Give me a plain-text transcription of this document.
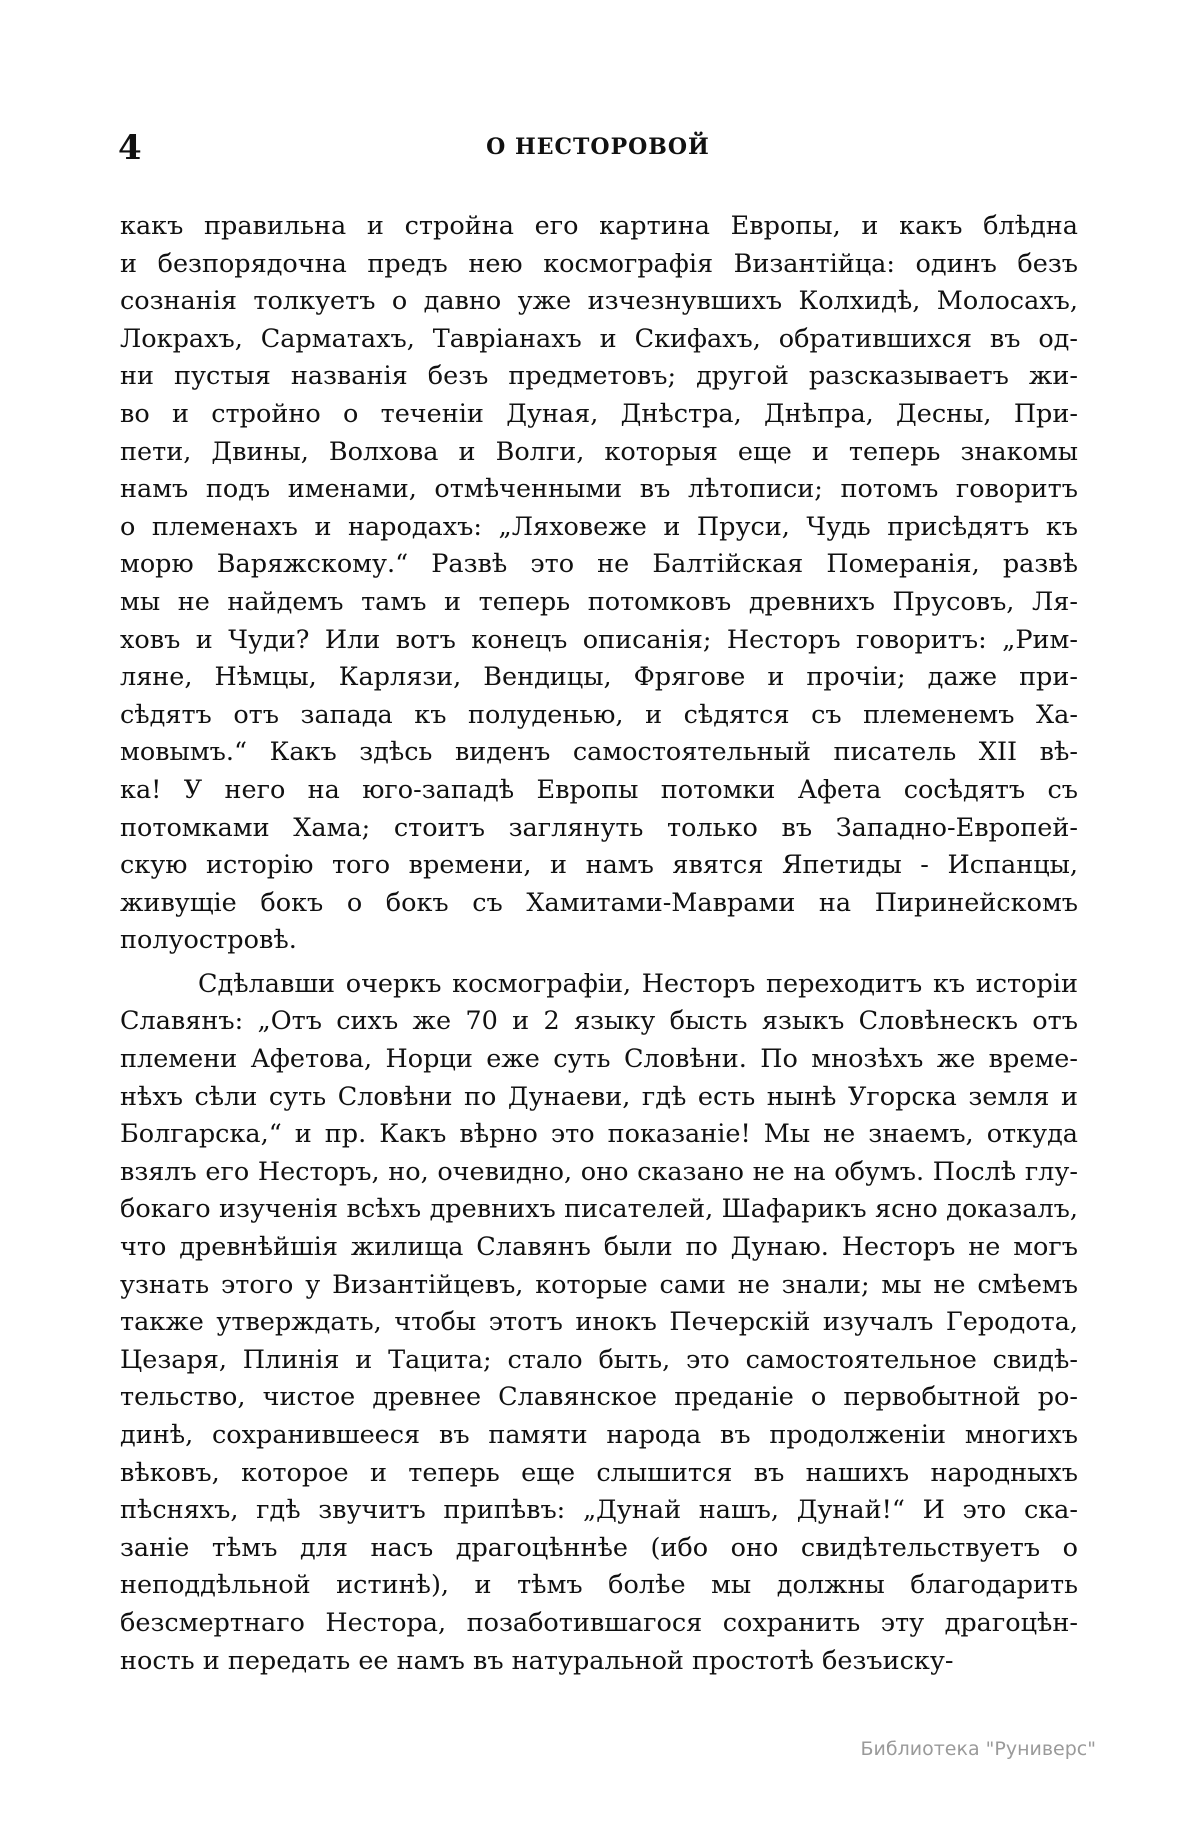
4	О НЕСТОРОВОЙ
какъ правильна и стройна его картина Европы, и какъ блѣдна
и безпорядочна предъ нею космографія Византійца: одинъ безъ
сознанія толкуетъ о давно уже изчезнувшихъ Колхидѣ, Молосахъ,
Локрахъ, Сарматахъ, Тавріанахъ и Скифахъ, обратившихся въ од-
ни пустыя названія безъ предметовъ; другой разсказываетъ жи-
во и стройно о теченіи Дуная, Днѣстра, Днѣпра, Десны, При-
пети, Двины, Волхова и Волги, которыя еще и теперь знакомы
намъ подъ именами, отмѣченными въ лѣтописи; потомъ говоритъ
о племенахъ и народахъ: „Ляховеже и Пруси, Чудь присѣдятъ къ
морю Варяжскому.“ Развѣ это не Балтійская Померанія, развѣ
мы не найдемъ тамъ и теперь потомковъ древнихъ Прусовъ, Ля-
ховъ и Чуди? Или вотъ конецъ описанія; Несторъ говоритъ: „Рим-
ляне, Нѣмцы, Карлязи, Вендицы, Фрягове и прочіи; даже при-
сѣдятъ отъ запада къ полуденью, и сѣдятся съ племенемъ Ха-
мовымъ.“ Какъ здѣсь виденъ самостоятельный писатель XII вѣ-
ка! У него на юго-западѣ Европы потомки Афета сосѣдятъ съ
потомками Хама; стоитъ заглянуть только въ Западно-Европей-
скую исторію того времени, и намъ явятся Япетиды - Испанцы,
живущіе бокъ о бокъ съ Хамитами-Маврами на Пиринейскомъ
полуостровѣ.
Сдѣлавши очеркъ космографіи, Несторъ переходитъ къ исторіи
Славянъ: „Отъ сихъ же 70 и 2 языку бысть языкъ Словѣнескъ отъ
племени Афетова, Норци еже суть Словѣни. По мнозѣхъ же време-
нѣхъ сѣли суть Словѣни по Дунаеви, гдѣ есть нынѣ Угорска земля и
Болгарска,“ и пр. Какъ вѣрно это показаніе! Мы не знаемъ, откуда
взялъ его Несторъ, но, очевидно, оно сказано не на обумъ. Послѣ глу-
бокаго изученія всѣхъ древнихъ писателей, Шафарикъ ясно доказалъ,
что древнѣйшія жилища Славянъ были по Дунаю. Несторъ не могъ
узнать этого у Византійцевъ, которые сами не знали; мы не смѣемъ
также утверждать, чтобы этотъ инокъ Печерскій изучалъ Геродота,
Цезаря, Плинія и Тацита; стало быть, это самостоятельное свидѣ-
тельство, чистое древнее Славянское преданіе о первобытной ро-
динѣ, сохранившееся въ памяти народа въ продолженіи многихъ
вѣковъ, которое и теперь еще слышится въ нашихъ народныхъ
пѣсняхъ, гдѣ звучитъ припѣвъ: „Дунай нашъ, Дунай!“ И это ска-
заніе тѣмъ для насъ драгоцѣннѣе (ибо оно свидѣтельствуетъ о
неподдѣльной истинѣ), и тѣмъ болѣе мы должны благодарить
безсмертнаго Нестора, позаботившагося сохранить эту драгоцѣн-
ность и передать ее намъ въ натуральной простотѣ безъиску-
Библиотека "Руниверс"
